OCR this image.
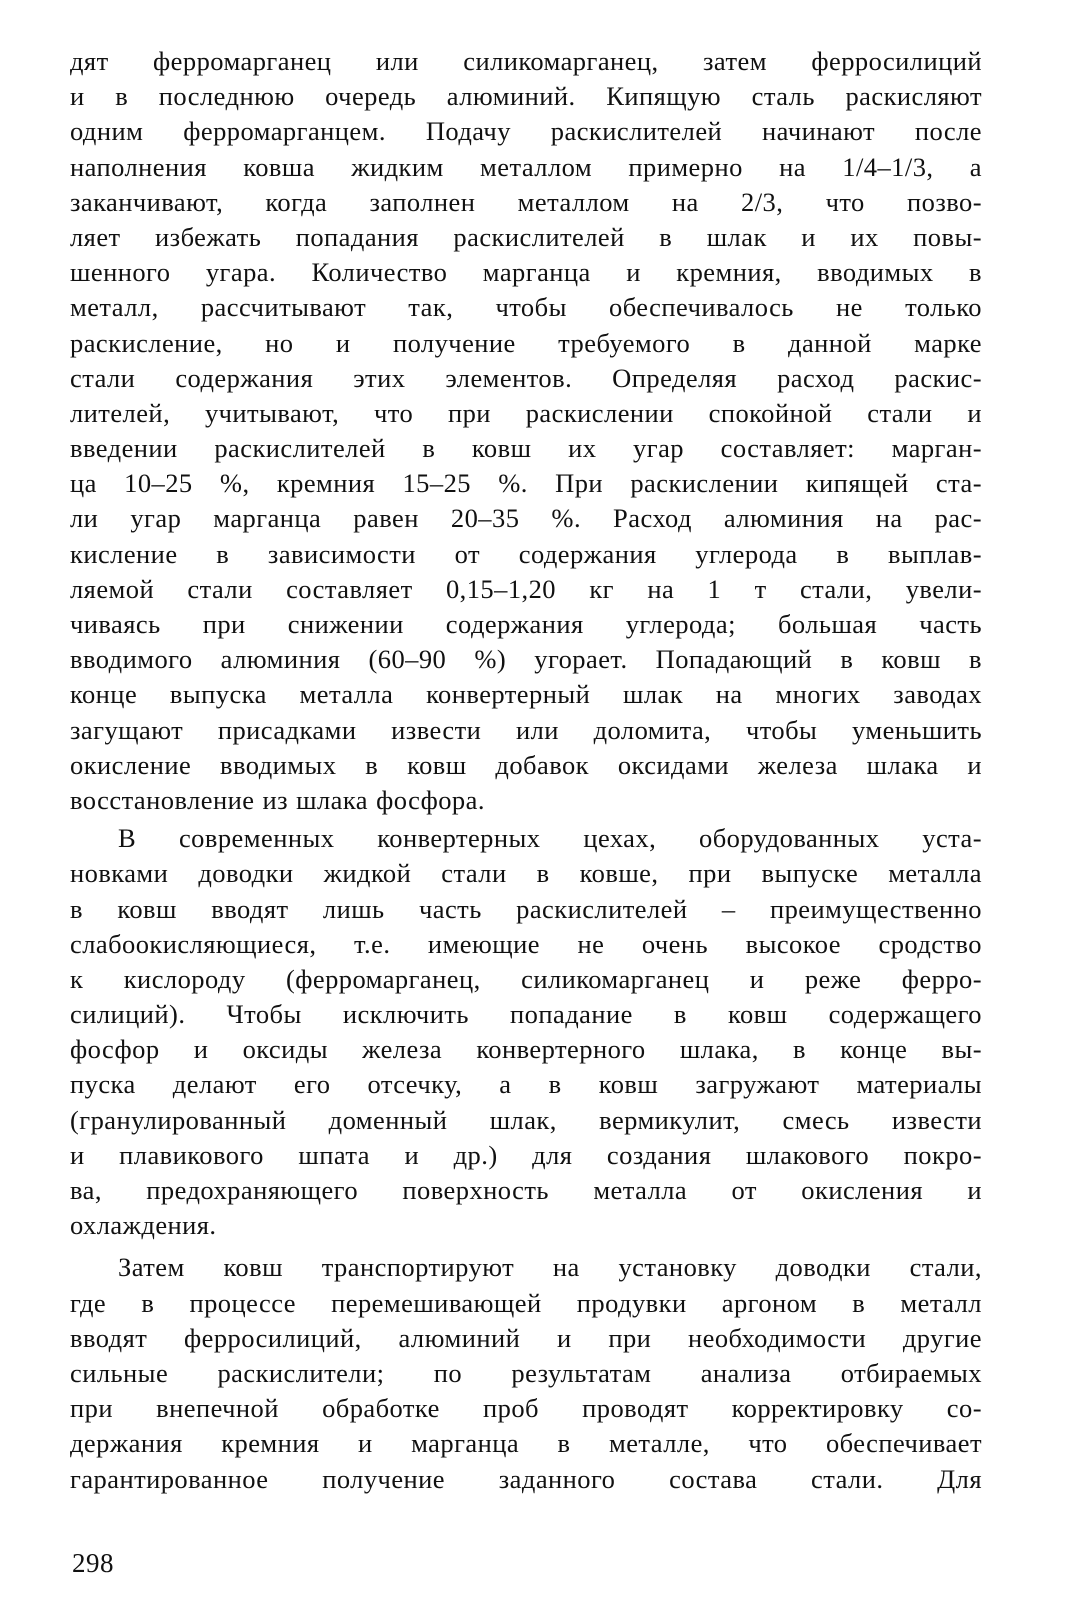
дят ферромарганец или силикомарганец, затем ферросилиций
и в последнюю очередь алюминий. Кипящую сталь раскисляют
одним ферромарганцем. Подачу раскислителей начинают после
наполнения ковша жидким металлом примерно на 1/4–1/3, а
заканчивают, когда заполнен металлом на 2/3, что позво-
ляет избежать попадания раскислителей в шлак и их повы-
шенного угара. Количество марганца и кремния, вводимых в
металл, рассчитывают так, чтобы обеспечивалось не только
раскисление, но и получение требуемого в данной марке
стали содержания этих элементов. Определяя расход раскис-
лителей, учитывают, что при раскислении спокойной стали и
введении раскислителей в ковш их угар составляет: марган-
ца 10–25 %, кремния 15–25 %. При раскислении кипящей ста-
ли угар марганца равен 20–35 %. Расход алюминия на рас-
кисление в зависимости от содержания углерода в выплав-
ляемой стали составляет 0,15–1,20 кг на 1 т стали, увели-
чиваясь при снижении содержания углерода; большая часть
вводимого алюминия (60–90 %) угорает. Попадающий в ковш в
конце выпуска металла конвертерный шлак на многих заводах
загущают присадками извести или доломита, чтобы уменьшить
окисление вводимых в ковш добавок оксидами железа шлака и
восстановление из шлака фосфора.
В современных конвертерных цехах, оборудованных уста-
новками доводки жидкой стали в ковше, при выпуске металла
в ковш вводят лишь часть раскислителей – преимущественно
слабоокисляющиеся, т.е. имеющие не очень высокое сродство
к кислороду (ферромарганец, силикомарганец и реже ферро-
силиций). Чтобы исключить попадание в ковш содержащего
фосфор и оксиды железа конвертерного шлака, в конце вы-
пуска делают его отсечку, а в ковш загружают материалы
(гранулированный доменный шлак, вермикулит, смесь извести
и плавикового шпата и др.) для создания шлакового покро-
ва, предохраняющего поверхность металла от окисления и
охлаждения.
Затем ковш транспортируют на установку доводки стали,
где в процессе перемешивающей продувки аргоном в металл
вводят ферросилиций, алюминий и при необходимости другие
сильные раскислители; по результатам анализа отбираемых
при внепечной обработке проб проводят корректировку со-
держания кремния и марганца в металле, что обеспечивает
гарантированное получение заданного состава стали. Для
298
